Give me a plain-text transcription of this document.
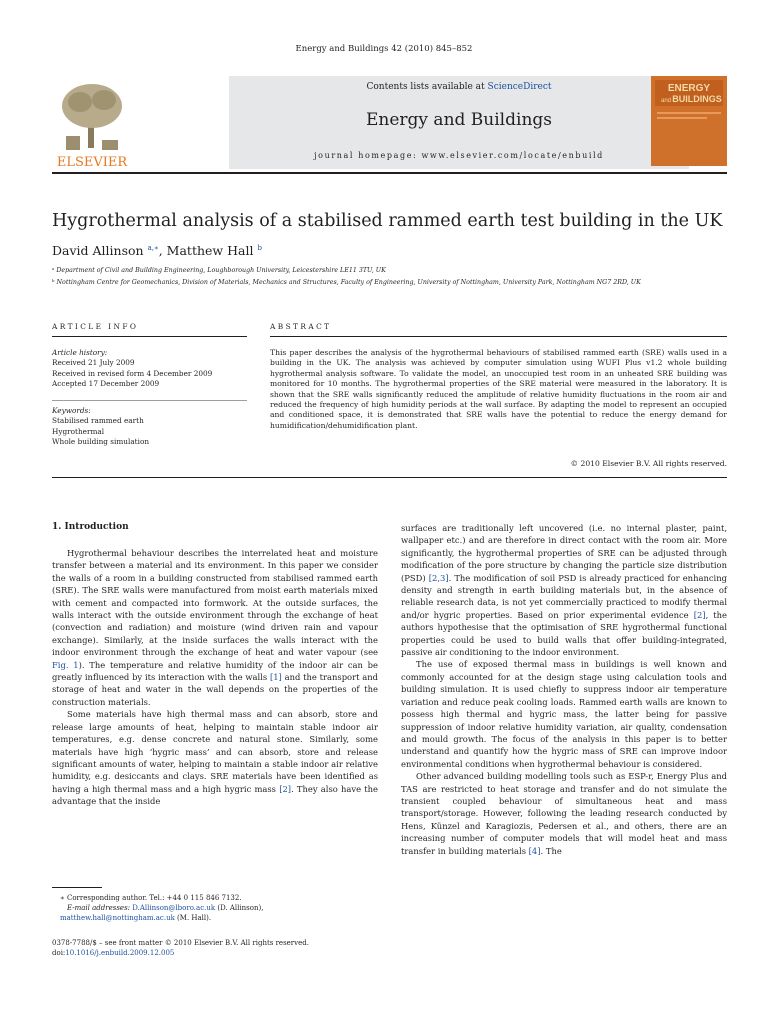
Energy and Buildings 42 (2010) 845–852
ELSEVIER
Contents lists available at ScienceDirect
Energy and Buildings
journal homepage: www.elsevier.com/locate/enbuild
ENERGY
and BUILDINGS
Hygrothermal analysis of a stabilised rammed earth test building in the UK
David Allinson $^{a,∗}$, Matthew Hall $^b$
ᵃ Department of Civil and Building Engineering, Loughborough University, Leicestershire LE11 3TU, UK
ᵇ Nottingham Centre for Geomechanics, Division of Materials, Mechanics and Structures, Faculty of Engineering, University of Nottingham, University Park, Nottingham NG7 2RD, UK
ARTICLE INFO	ABSTRACT
Article history:
Received 21 July 2009
Received in revised form 4 December 2009
Accepted 17 December 2009
Keywords:
Stabilised rammed earth
Hygrothermal
Whole building simulation
This paper describes the analysis of the hygrothermal behaviours of stabilised rammed earth (SRE) walls used in a building in the UK. The analysis was achieved by computer simulation using WUFI Plus v1.2 whole building hygrothermal analysis software. To validate the model, an unoccupied test room in an unheated SRE building was monitored for 10 months. The hygrothermal properties of the SRE material were measured in the laboratory. It is shown that the SRE walls significantly reduced the amplitude of relative humidity fluctuations in the room air and reduced the frequency of high humidity periods at the wall surface. By adapting the model to represent an occupied and conditioned space, it is demonstrated that SRE walls have the potential to reduce the energy demand for humidification/dehumidification plant.
© 2010 Elsevier B.V. All rights reserved.
1. Introduction

Hygrothermal behaviour describes the interrelated heat and moisture transfer between a material and its environment. In this paper we consider the walls of a room in a building constructed from stabilised rammed earth (SRE). The SRE walls were manufactured from moist earth materials mixed with cement and compacted into formwork. At the outside surfaces, the walls interact with the outside environment through the exchange of heat (convection and radiation) and moisture (wind driven rain and vapour exchange). Similarly, at the inside surfaces the walls interact with the indoor environment through the exchange of heat and water vapour (see Fig. 1). The temperature and relative humidity of the indoor air can be greatly influenced by its interaction with the walls [1] and the transport and storage of heat and water in the wall depends on the properties of the construction materials.

Some materials have high thermal mass and can absorb, store and release large amounts of heat, helping to maintain stable indoor air temperatures, e.g. dense concrete and natural stone. Similarly, some materials have high ‘hygric mass’ and can absorb, store and release significant amounts of water, helping to maintain a stable indoor air relative humidity, e.g. desiccants and clays. SRE materials have been identified as having a high thermal mass and a high hygric mass [2]. They also have the advantage that the inside

surfaces are traditionally left uncovered (i.e. no internal plaster, paint, wallpaper etc.) and are therefore in direct contact with the room air. More significantly, the hygrothermal properties of SRE can be adjusted through modification of the pore structure by changing the particle size distribution (PSD) [2,3]. The modification of soil PSD is already practiced for enhancing density and strength in earth building materials but, in the absence of reliable research data, is not yet commercially practiced to modify thermal and/or hygric properties. Based on prior experimental evidence [2], the authors hypothesise that the optimisation of SRE hygrothermal functional properties could be used to build walls that offer building-integrated, passive air conditioning to the indoor environment.

The use of exposed thermal mass in buildings is well known and commonly accounted for at the design stage using calculation tools and building simulation. It is used chiefly to suppress indoor air temperature variation and reduce peak cooling loads. Rammed earth walls are known to possess high thermal and hygric mass, the latter being for passive suppression of indoor relative humidity variation, air quality, condensation and mould growth. The focus of the analysis in this paper is to better understand and quantify how the hygric mass of SRE can improve indoor environmental conditions when hygrothermal behaviour is considered.

Other advanced building modelling tools such as ESP-r, Energy Plus and TAS are restricted to heat storage and transfer and do not simulate the transient coupled behaviour of simultaneous heat and mass transport/storage. However, following the leading research conducted by Hens, Künzel and Karagiozis, Pedersen et al., and others, there are an increasing number of computer models that will model heat and mass transfer in building materials [4]. The

∗ Corresponding author. Tel.: +44 0 115 846 7132.
E-mail addresses: D.Allinson@lboro.ac.uk (D. Allinson),
matthew.hall@nottingham.ac.uk (M. Hall).
0378-7788/$ – see front matter © 2010 Elsevier B.V. All rights reserved.
doi:10.1016/j.enbuild.2009.12.005
